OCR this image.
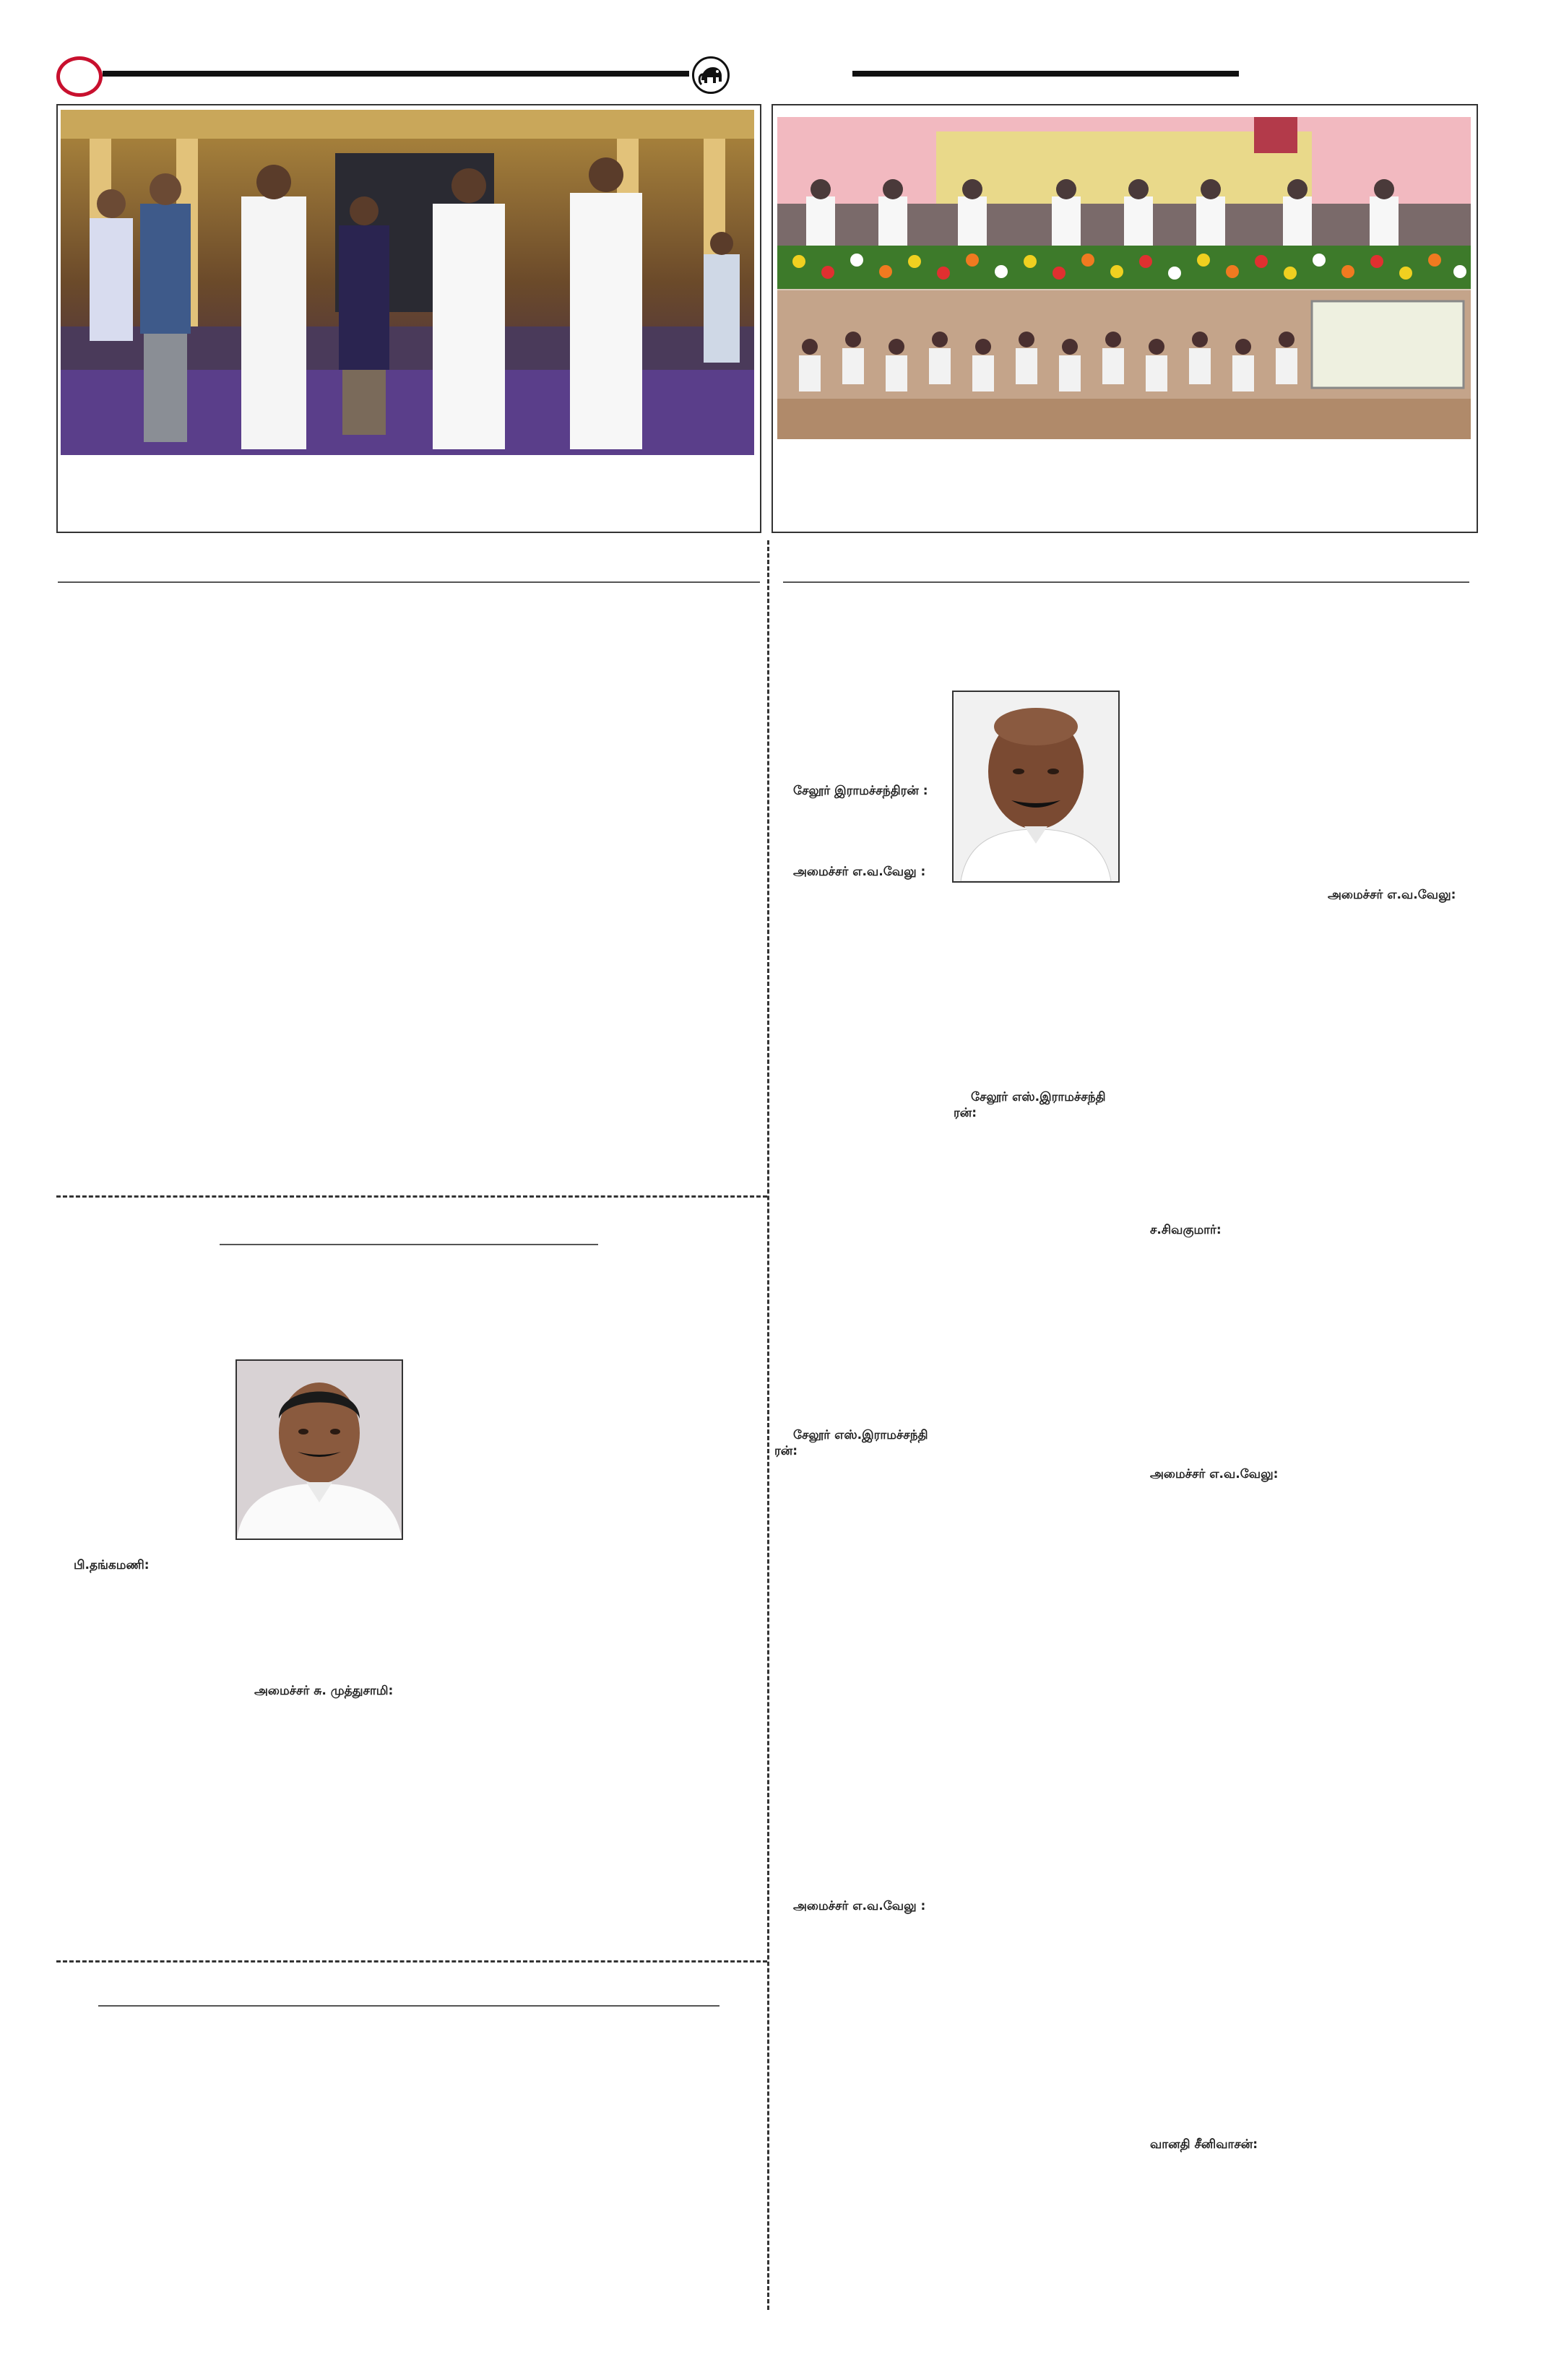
சேலூர் இராமச்சந்திரன் :
அமைச்சர் எ.வ.வேலு :
அமைச்சர் எ.வ.வேலு:
சேலூர் எஸ்.இராமச்சந்தி
ரன்:
ச.சிவகுமார்:
சேலூர் எஸ்.இராமச்சந்தி
ரன்:
அமைச்சர் எ.வ.வேலு:
அமைச்சர் எ.வ.வேலு :
வானதி சீனிவாசன்:
பி.தங்கமணி:
அமைச்சர் சு. முத்துசாமி:
